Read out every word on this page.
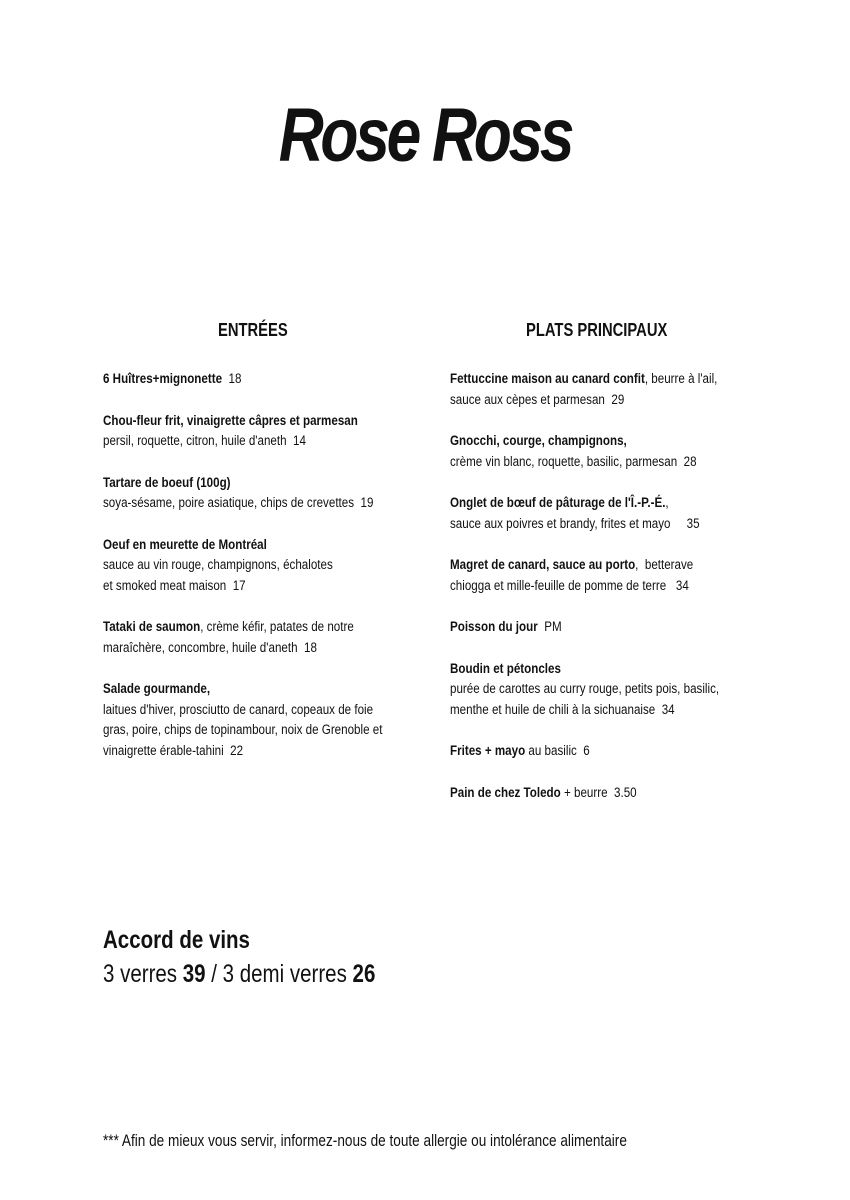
Rose Ross
ENTRÉES
6 Huîtres+mignonette 18
Chou-fleur frit, vinaigrette câpres et parmesan
persil, roquette, citron, huile d'aneth 14
Tartare de boeuf (100g)
soya-sésame, poire asiatique, chips de crevettes 19
Oeuf en meurette de Montréal
sauce au vin rouge, champignons, échalotes et smoked meat maison 17
Tataki de saumon, crème kéfir, patates de notre maraîchère, concombre, huile d'aneth 18
Salade gourmande,
laitues d'hiver, prosciutto de canard, copeaux de foie gras, poire, chips de topinambour, noix de Grenoble et vinaigrette érable-tahini 22
PLATS PRINCIPAUX
Fettuccine maison au canard confit, beurre à l'ail, sauce aux cèpes et parmesan 29
Gnocchi, courge, champignons,
crème vin blanc, roquette, basilic, parmesan 28
Onglet de bœuf de pâturage de l'Î.-P.-É.,
sauce aux poivres et brandy, frites et mayo 35
Magret de canard, sauce au porto,  betterave chiogga et mille-feuille de pomme de terre 34
Poisson du jour PM
Boudin et pétoncles
purée de carottes au curry rouge, petits pois, basilic, menthe et huile de chili à la sichuanaise 34
Frites + mayo au basilic 6
Pain de chez Toledo + beurre 3.50
Accord de vins
3 verres 39 / 3 demi verres 26
*** Afin de mieux vous servir, informez-nous de toute allergie ou intolérance alimentaire
